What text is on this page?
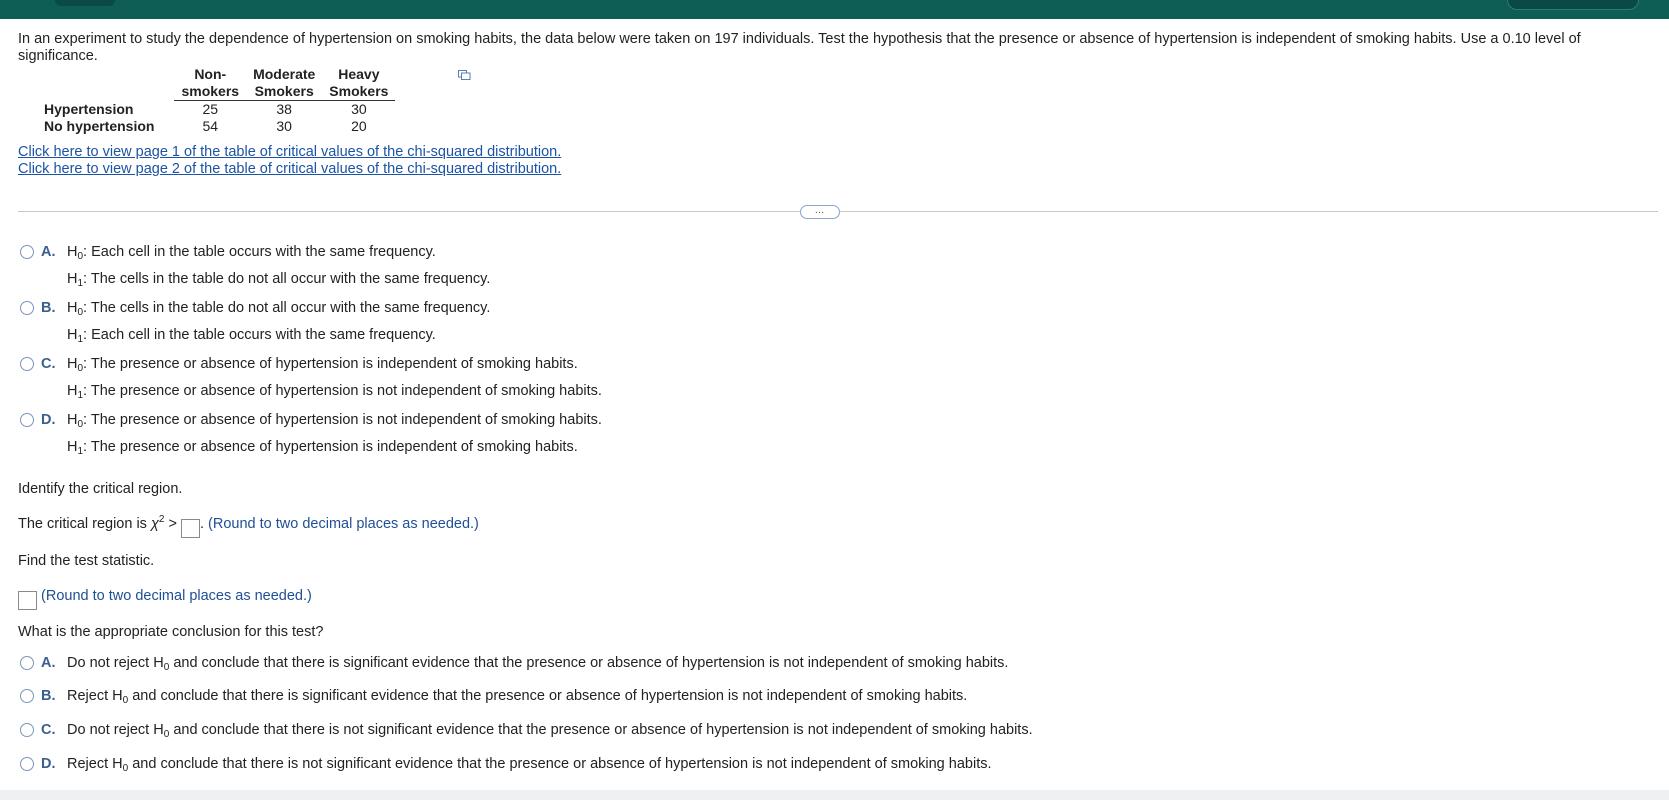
In an experiment to study the dependence of hypertension on smoking habits, the data below were taken on 197 individuals. Test the hypothesis that the presence or absence of hypertension is independent of smoking habits. Use a 0.10 level of significance.
	Non-	Moderate	Heavy
	smokers	Smokers	Smokers
Hypertension	25	38	30
No hypertension	54	30	20
Click here to view page 1 of the table of critical values of the chi-squared distribution.
Click here to view page 2 of the table of critical values of the chi-squared distribution.
…
A. $H_0$: Each cell in the table occurs with the same frequency.
$H_1$: The cells in the table do not all occur with the same frequency.
B. $H_0$: The cells in the table do not all occur with the same frequency.
$H_1$: Each cell in the table occurs with the same frequency.
C. $H_0$: The presence or absence of hypertension is independent of smoking habits.
$H_1$: The presence or absence of hypertension is not independent of smoking habits.
D. $H_0$: The presence or absence of hypertension is not independent of smoking habits.
$H_1$: The presence or absence of hypertension is independent of smoking habits.
Identify the critical region.
The critical region is $\chi^2$ > . (Round to two decimal places as needed.)
Find the test statistic.
(Round to two decimal places as needed.)
What is the appropriate conclusion for this test?
A. Do not reject $H_0$ and conclude that there is significant evidence that the presence or absence of hypertension is not independent of smoking habits.
B. Reject $H_0$ and conclude that there is significant evidence that the presence or absence of hypertension is not independent of smoking habits.
C. Do not reject $H_0$ and conclude that there is not significant evidence that the presence or absence of hypertension is not independent of smoking habits.
D. Reject $H_0$ and conclude that there is not significant evidence that the presence or absence of hypertension is not independent of smoking habits.
